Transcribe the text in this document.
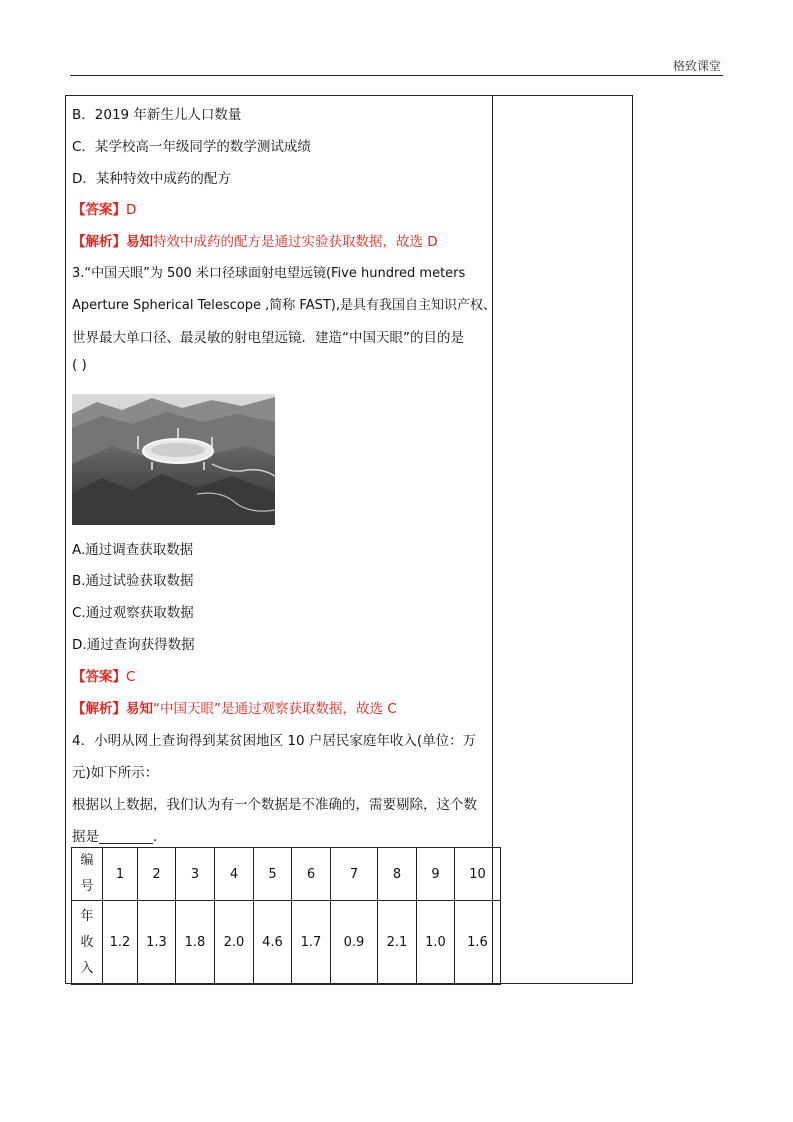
格致课堂
B．2019 年新生儿人口数量
C．某学校高一年级同学的数学测试成绩
D．某种特效中成药的配方
【答案】D
【解析】易知特效中成药的配方是通过实验获取数据，故选 D
3.“中国天眼”为 500 米口径球面射电望远镜(Five hundred meters
Aperture Spherical Telescope ,简称 FAST),是具有我国自主知识产权、
世界最大单口径、最灵敏的射电望远镜．建造“中国天眼”的目的是
( )
A.通过调查获取数据
B.通过试验获取数据
C.通过观察获取数据
D.通过查询获得数据
【答案】C
【解析】易知“中国天眼”是通过观察获取数据，故选 C
4．小明从网上查询得到某贫困地区 10 户居民家庭年收入(单位：万
元)如下所示：
根据以上数据，我们认为有一个数据是不准确的，需要剔除，这个数
据是________．
编
号	1	2	3	4	5	6	7	8	9	10

年
收
入	1.2	1.3	1.8	2.0	4.6	1.7	0.9	2.1	1.0	1.6
